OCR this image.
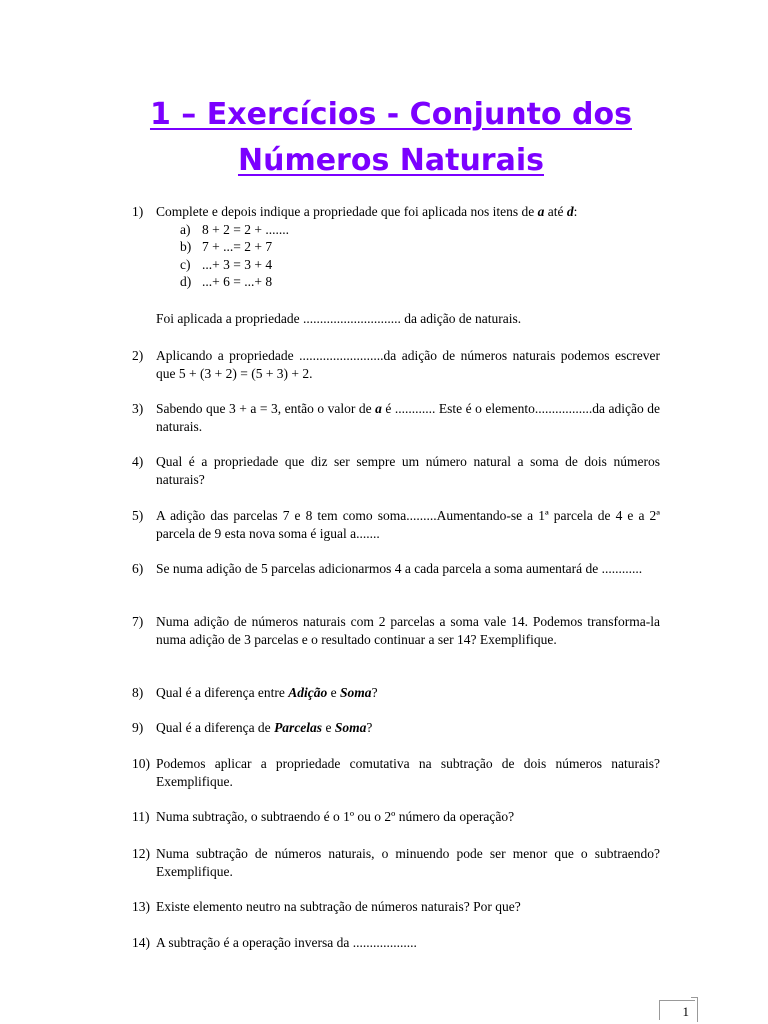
1 – Exercícios - Conjunto dos
Números Naturais
1) Complete e depois indique a propriedade que foi aplicada nos itens de a até d:
a) 8 + 2 = 2 + .......
b) 7 + ...= 2 + 7
c) ...+ 3 = 3 + 4
d) ...+ 6 = ...+ 8
Foi aplicada a propriedade ............................. da adição de naturais.
2) Aplicando a propriedade .........................da adição de números naturais podemos escrever que 5 + (3 + 2) = (5 + 3) + 2.
3) Sabendo que 3 + a = 3, então o valor de a é ............ Este é o elemento.................da adição de naturais.
4) Qual é a propriedade que diz ser sempre um número natural a soma de dois números naturais?
5) A adição das parcelas 7 e 8 tem como soma.........Aumentando-se a 1ª parcela de 4 e a 2ª parcela de 9 esta nova soma é igual a.......
6) Se numa adição de 5 parcelas adicionarmos 4 a cada parcela a soma aumentará de ............
7) Numa adição de números naturais com 2 parcelas a soma vale 14. Podemos transforma-la numa adição de 3 parcelas e o resultado continuar a ser 14? Exemplifique.
8) Qual é a diferença entre Adição e Soma?
9) Qual é a diferença de Parcelas e Soma?
10) Podemos aplicar a propriedade comutativa na subtração de dois números naturais? Exemplifique.
11) Numa subtração, o subtraendo é o 1º ou o 2º número da operação?
12) Numa subtração de números naturais, o minuendo pode ser menor que o subtraendo? Exemplifique.
13) Existe elemento neutro na subtração de números naturais? Por que?
14) A subtração é a operação inversa da ...................
1
